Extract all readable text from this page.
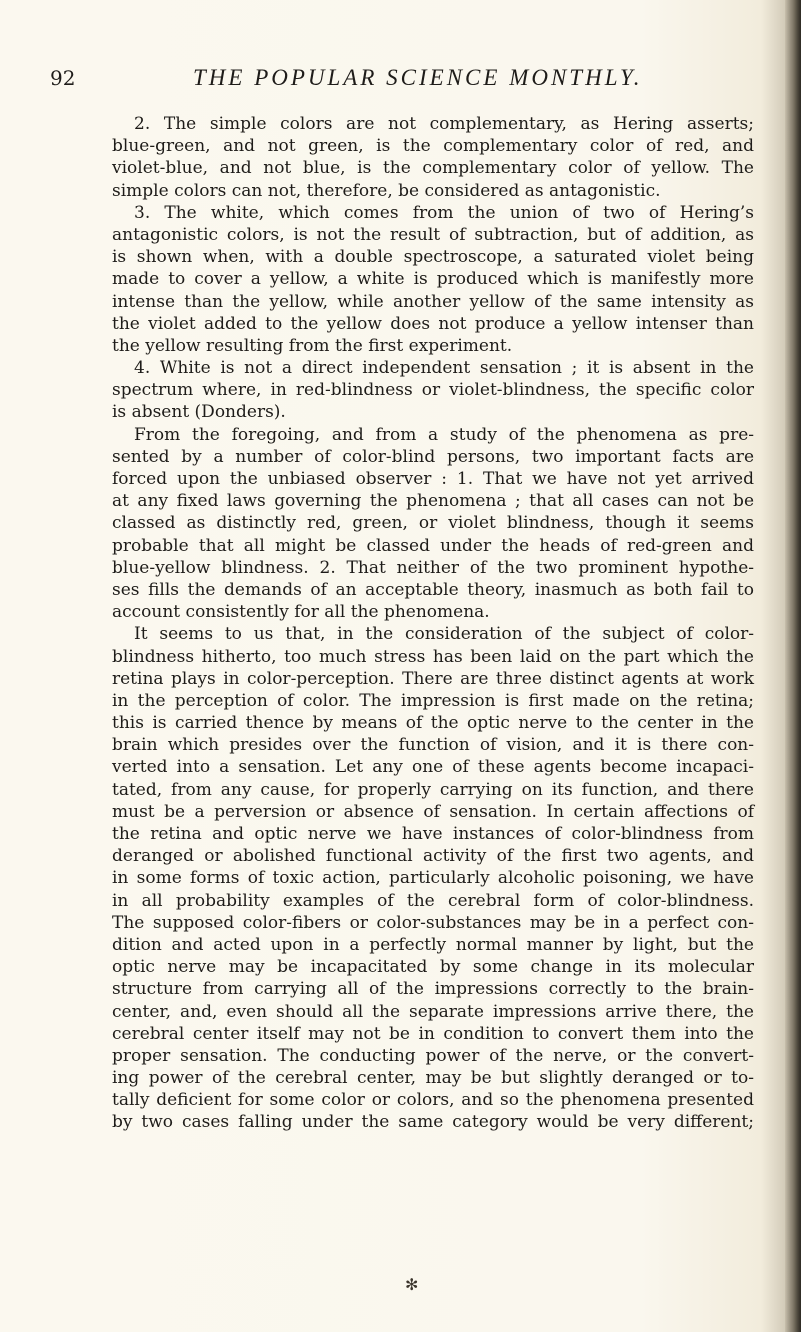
92	THE POPULAR SCIENCE MONTHLY.
2. The simple colors are not complementary, as Hering asserts;
blue-green, and not green, is the complementary color of red, and
violet-blue, and not blue, is the complementary color of yellow. The
simple colors can not, therefore, be considered as antagonistic.
3. The white, which comes from the union of two of Hering’s
antagonistic colors, is not the result of subtraction, but of addition, as
is shown when, with a double spectroscope, a saturated violet being
made to cover a yellow, a white is produced which is manifestly more
intense than the yellow, while another yellow of the same intensity as
the violet added to the yellow does not produce a yellow intenser than
the yellow resulting from the first experiment.
4. White is not a direct independent sensation ; it is absent in the
spectrum where, in red-blindness or violet-blindness, the specific color
is absent (Donders).
From the foregoing, and from a study of the phenomena as pre-
sented by a number of color-blind persons, two important facts are
forced upon the unbiased observer : 1. That we have not yet arrived
at any fixed laws governing the phenomena ; that all cases can not be
classed as distinctly red, green, or violet blindness, though it seems
probable that all might be classed under the heads of red-green and
blue-yellow blindness. 2. That neither of the two prominent hypothe-
ses fills the demands of an acceptable theory, inasmuch as both fail to
account consistently for all the phenomena.
It seems to us that, in the consideration of the subject of color-
blindness hitherto, too much stress has been laid on the part which the
retina plays in color-perception. There are three distinct agents at work
in the perception of color. The impression is first made on the retina;
this is carried thence by means of the optic nerve to the center in the
brain which presides over the function of vision, and it is there con-
verted into a sensation. Let any one of these agents become incapaci-
tated, from any cause, for properly carrying on its function, and there
must be a perversion or absence of sensation. In certain affections of
the retina and optic nerve we have instances of color-blindness from
deranged or abolished functional activity of the first two agents, and
in some forms of toxic action, particularly alcoholic poisoning, we have
in all probability examples of the cerebral form of color-blindness.
The supposed color-fibers or color-substances may be in a perfect con-
dition and acted upon in a perfectly normal manner by light, but the
optic nerve may be incapacitated by some change in its molecular
structure from carrying all of the impressions correctly to the brain-
center, and, even should all the separate impressions arrive there, the
cerebral center itself may not be in condition to convert them into the
proper sensation. The conducting power of the nerve, or the convert-
ing power of the cerebral center, may be but slightly deranged or to-
tally deficient for some color or colors, and so the phenomena presented
by two cases falling under the same category would be very different;
✻
